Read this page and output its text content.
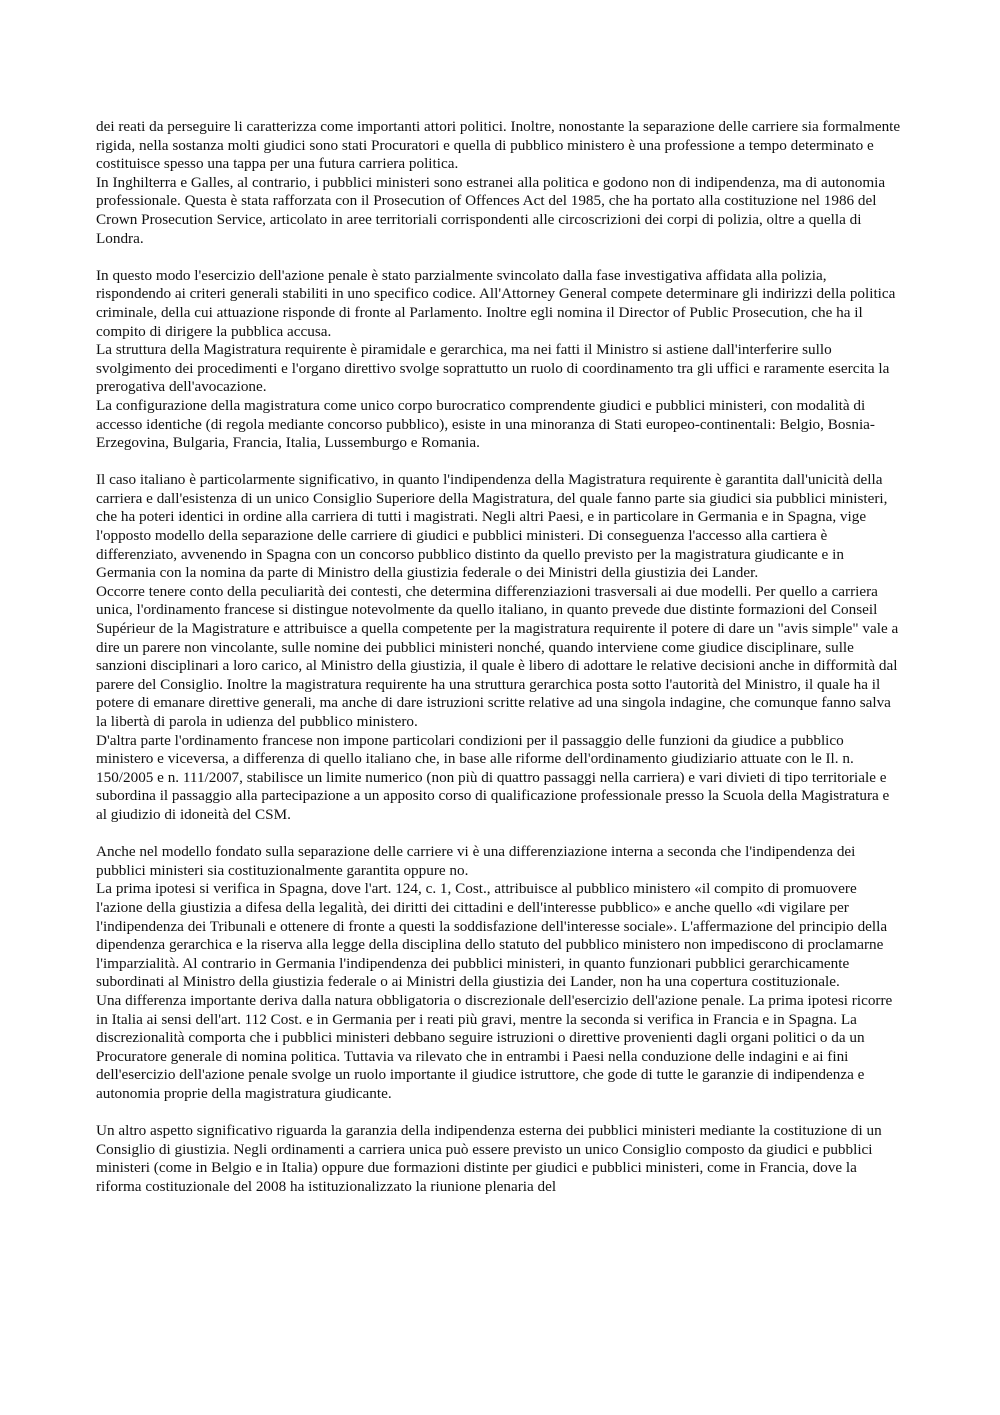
dei reati da perseguire li caratterizza come importanti attori politici. Inoltre, nonostante la separazione delle carriere sia formalmente rigida, nella sostanza molti giudici sono stati Procuratori e quella di pubblico ministero è una professione a tempo determinato e costituisce spesso una tappa per una futura carriera politica.

In Inghilterra e Galles, al contrario, i pubblici ministeri sono estranei alla politica e godono non di indipendenza, ma di autonomia professionale. Questa è stata rafforzata con il Prosecution of Offences Act del 1985, che ha portato alla costituzione nel 1986 del Crown Prosecution Service, articolato in aree territoriali corrispondenti alle circoscrizioni dei corpi di polizia, oltre a quella di Londra.

In questo modo l'esercizio dell'azione penale è stato parzialmente svincolato dalla fase investigativa affidata alla polizia, rispondendo ai criteri generali stabiliti in uno specifico codice. All'Attorney General compete determinare gli indirizzi della politica criminale, della cui attuazione risponde di fronte al Parlamento. Inoltre egli nomina il Director of Public Prosecution, che ha il compito di dirigere la pubblica accusa.

La struttura della Magistratura requirente è piramidale e gerarchica, ma nei fatti il Ministro si astiene dall'interferire sullo svolgimento dei procedimenti e l'organo direttivo svolge soprattutto un ruolo di coordinamento tra gli uffici e raramente esercita la prerogativa dell'avocazione.

La configurazione della magistratura come unico corpo burocratico comprendente giudici e pubblici ministeri, con modalità di accesso identiche (di regola mediante concorso pubblico), esiste in una minoranza di Stati europeo-continentali: Belgio, Bosnia-Erzegovina, Bulgaria, Francia, Italia, Lussemburgo e Romania.

Il caso italiano è particolarmente significativo, in quanto l'indipendenza della Magistratura requirente è garantita dall'unicità della carriera e dall'esistenza di un unico Consiglio Superiore della Magistratura, del quale fanno parte sia giudici sia pubblici ministeri, che ha poteri identici in ordine alla carriera di tutti i magistrati. Negli altri Paesi, e in particolare in Germania e in Spagna, vige l'opposto modello della separazione delle carriere di giudici e pubblici ministeri. Di conseguenza l'accesso alla cartiera è differenziato, avvenendo in Spagna con un concorso pubblico distinto da quello previsto per la magistratura giudicante e in Germania con la nomina da parte di Ministro della giustizia federale o dei Ministri della giustizia dei Lander.

Occorre tenere conto della peculiarità dei contesti, che determina differenziazioni trasversali ai due modelli. Per quello a carriera unica, l'ordinamento francese si distingue notevolmente da quello italiano, in quanto prevede due distinte formazioni del Conseil Supérieur de la Magistrature e attribuisce a quella competente per la magistratura requirente il potere di dare un "avis simple" vale a dire un parere non vincolante, sulle nomine dei pubblici ministeri nonché, quando interviene come giudice disciplinare, sulle sanzioni disciplinari a loro carico, al Ministro della giustizia, il quale è libero di adottare le relative decisioni anche in difformità dal parere del Consiglio. Inoltre la magistratura requirente ha una struttura gerarchica posta sotto l'autorità del Ministro, il quale ha il potere di emanare direttive generali, ma anche di dare istruzioni scritte relative ad una singola indagine, che comunque fanno salva la libertà di parola in udienza del pubblico ministero.

D'altra parte l'ordinamento francese non impone particolari condizioni per il passaggio delle funzioni da giudice a pubblico ministero e viceversa, a differenza di quello italiano che, in base alle riforme dell'ordinamento giudiziario attuate con le Il. n. 150/2005 e n. 111/2007, stabilisce un limite numerico (non più di quattro passaggi nella carriera) e vari divieti di tipo territoriale e subordina il passaggio alla partecipazione a un apposito corso di qualificazione professionale presso la Scuola della Magistratura e al giudizio di idoneità del CSM.

Anche nel modello fondato sulla separazione delle carriere vi è una differenziazione interna a seconda che l'indipendenza dei pubblici ministeri sia costituzionalmente garantita oppure no.

La prima ipotesi si verifica in Spagna, dove l'art. 124, c. 1, Cost., attribuisce al pubblico ministero «il compito di promuovere l'azione della giustizia a difesa della legalità, dei diritti dei cittadini e dell'interesse pubblico» e anche quello «di vigilare per l'indipendenza dei Tribunali e ottenere di fronte a questi la soddisfazione dell'interesse sociale». L'affermazione del principio della dipendenza gerarchica e la riserva alla legge della disciplina dello statuto del pubblico ministero non impediscono di proclamarne l'imparzialità. Al contrario in Germania l'indipendenza dei pubblici ministeri, in quanto funzionari pubblici gerarchicamente subordinati al Ministro della giustizia federale o ai Ministri della giustizia dei Lander, non ha una copertura costituzionale.

Una differenza importante deriva dalla natura obbligatoria o discrezionale dell'esercizio dell'azione penale. La prima ipotesi ricorre in Italia ai sensi dell'art. 112 Cost. e in Germania per i reati più gravi, mentre la seconda si verifica in Francia e in Spagna. La discrezionalità comporta che i pubblici ministeri debbano seguire istruzioni o direttive provenienti dagli organi politici o da un Procuratore generale di nomina politica. Tuttavia va rilevato che in entrambi i Paesi nella conduzione delle indagini e ai fini dell'esercizio dell'azione penale svolge un ruolo importante il giudice istruttore, che gode di tutte le garanzie di indipendenza e autonomia proprie della magistratura giudicante.

Un altro aspetto significativo riguarda la garanzia della indipendenza esterna dei pubblici ministeri mediante la costituzione di un Consiglio di giustizia. Negli ordinamenti a carriera unica può essere previsto un unico Consiglio composto da giudici e pubblici ministeri (come in Belgio e in Italia) oppure due formazioni distinte per giudici e pubblici ministeri, come in Francia, dove la riforma costituzionale del 2008 ha istituzionalizzato la riunione plenaria del
